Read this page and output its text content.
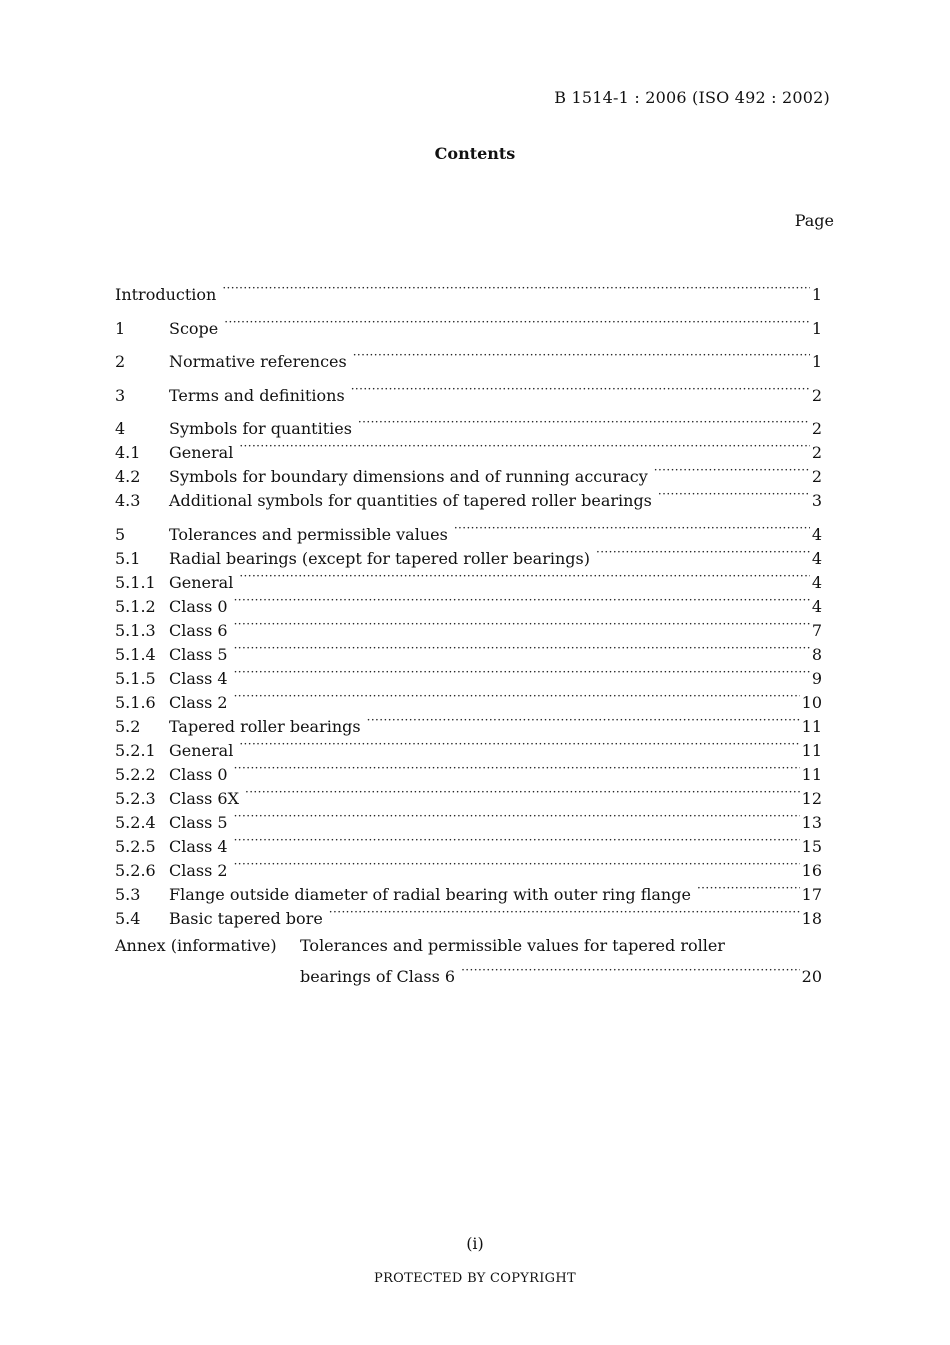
B 1514-1 : 2006 (ISO 492 : 2002)
Contents
Page
Introduction ·····	1
1	Scope ·····	1
2	Normative references ·····	1
3	Terms and definitions ·····	2
4	Symbols for quantities ·····	2
4.1	General ·····	2
4.2	Symbols for boundary dimensions and of running accuracy ·····	2
4.3	Additional symbols for quantities of tapered roller bearings ·····	3
5	Tolerances and permissible values ·····	4
5.1	Radial bearings (except for tapered roller bearings) ·····	4
5.1.1 General ·····	4
5.1.2 Class 0 ·····	4
5.1.3 Class 6 ·····	7
5.1.4 Class 5 ·····	8
5.1.5 Class 4 ·····	9
5.1.6 Class 2 ·····	10
5.2	Tapered roller bearings ·····	11
5.2.1 General ·····	11
5.2.2 Class 0 ·····	11
5.2.3 Class 6X ·····	12
5.2.4 Class 5 ·····	13
5.2.5 Class 4 ·····	15
5.2.6 Class 2 ·····	16
5.3	Flange outside diameter of radial bearing with outer ring flange ·····	17
5.4	Basic tapered bore ·····	18
Annex (informative)	Tolerances and permissible values for tapered roller
bearings of Class 6 ·····	20
(i)
PROTECTED BY COPYRIGHT
